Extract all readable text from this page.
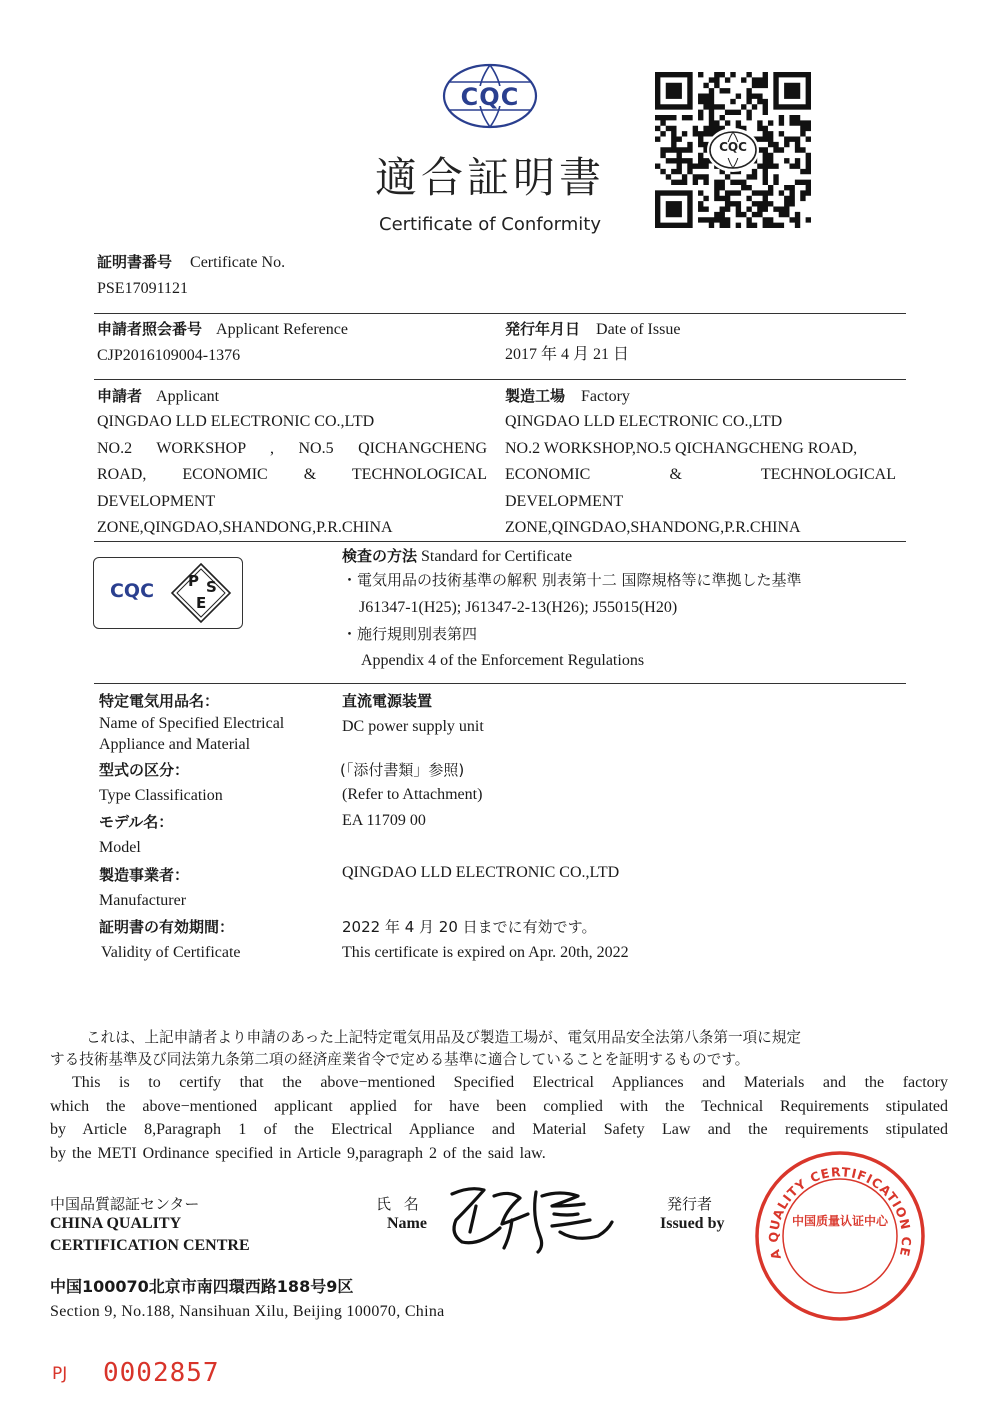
CQC
適合証明書
Certificate of Conformity
CQC
証明書番号 Certificate No.
PSE17091121
申請者照会番号 Applicant Reference
CJP2016109004-1376
発行年月日 Date of Issue
2017 年 4 月 21 日
申請者 Applicant
QINGDAO LLD ELECTRONIC CO.,LTD
NO.2 WORKSHOP , NO.5 QICHANGCHENG
ROAD, ECONOMIC & TECHNOLOGICAL
DEVELOPMENT
ZONE,QINGDAO,SHANDONG,P.R.CHINA
製造工場 Factory
QINGDAO LLD ELECTRONIC CO.,LTD
NO.2 WORKSHOP,NO.5 QICHANGCHENG ROAD,
ECONOMIC & TECHNOLOGICAL
DEVELOPMENT
ZONE,QINGDAO,SHANDONG,P.R.CHINA
CQC	P S
E
検査の方法 Standard for Certificate
・電気用品の技術基準の解釈 別表第十二 国際規格等に準拠した基準
J61347-1(H25); J61347-2-13(H26); J55015(H20)
・施行規則別表第四
Appendix 4 of the Enforcement Regulations
特定電気用品名：
Name of Specified Electrical
Appliance and Material
直流電源装置
DC power supply unit
型式の区分：
Type Classification
(「添付書類」参照)
(Refer to Attachment)
モデル名：
Model
EA 11709 00
製造事業者：
Manufacturer
QINGDAO LLD ELECTRONIC CO.,LTD
証明書の有効期間：
Validity of Certificate
2022 年 4 月 20 日までに有効です。
This certificate is expired on Apr. 20th, 2022
これは、上記申請者より申請のあった上記特定電気用品及び製造工場が、電気用品安全法第八条第一項に規定
する技術基準及び同法第九条第二項の経済産業省令で定める基準に適合していることを証明するものです。
This is to certify that the above−mentioned Specified Electrical Appliances and Materials and the factory
which the above−mentioned applicant applied for have been complied with the Technical Requirements stipulated
by Article 8,Paragraph 1 of the Electrical Appliance and Material Safety Law and the requirements stipulated
by the METI Ordinance specified in Article 9,paragraph 2 of the said law.
中国品質認証センター
CHINA QUALITY
CERTIFICATION CENTRE
氏 名
Name
発行者
Issued by
A QUALITY CERTIFICATION CE
中国质量认证中心
中国100070北京市南四環西路188号9区
Section 9, No.188, Nansihuan Xilu, Beijing 100070, China
PJ 0002857
